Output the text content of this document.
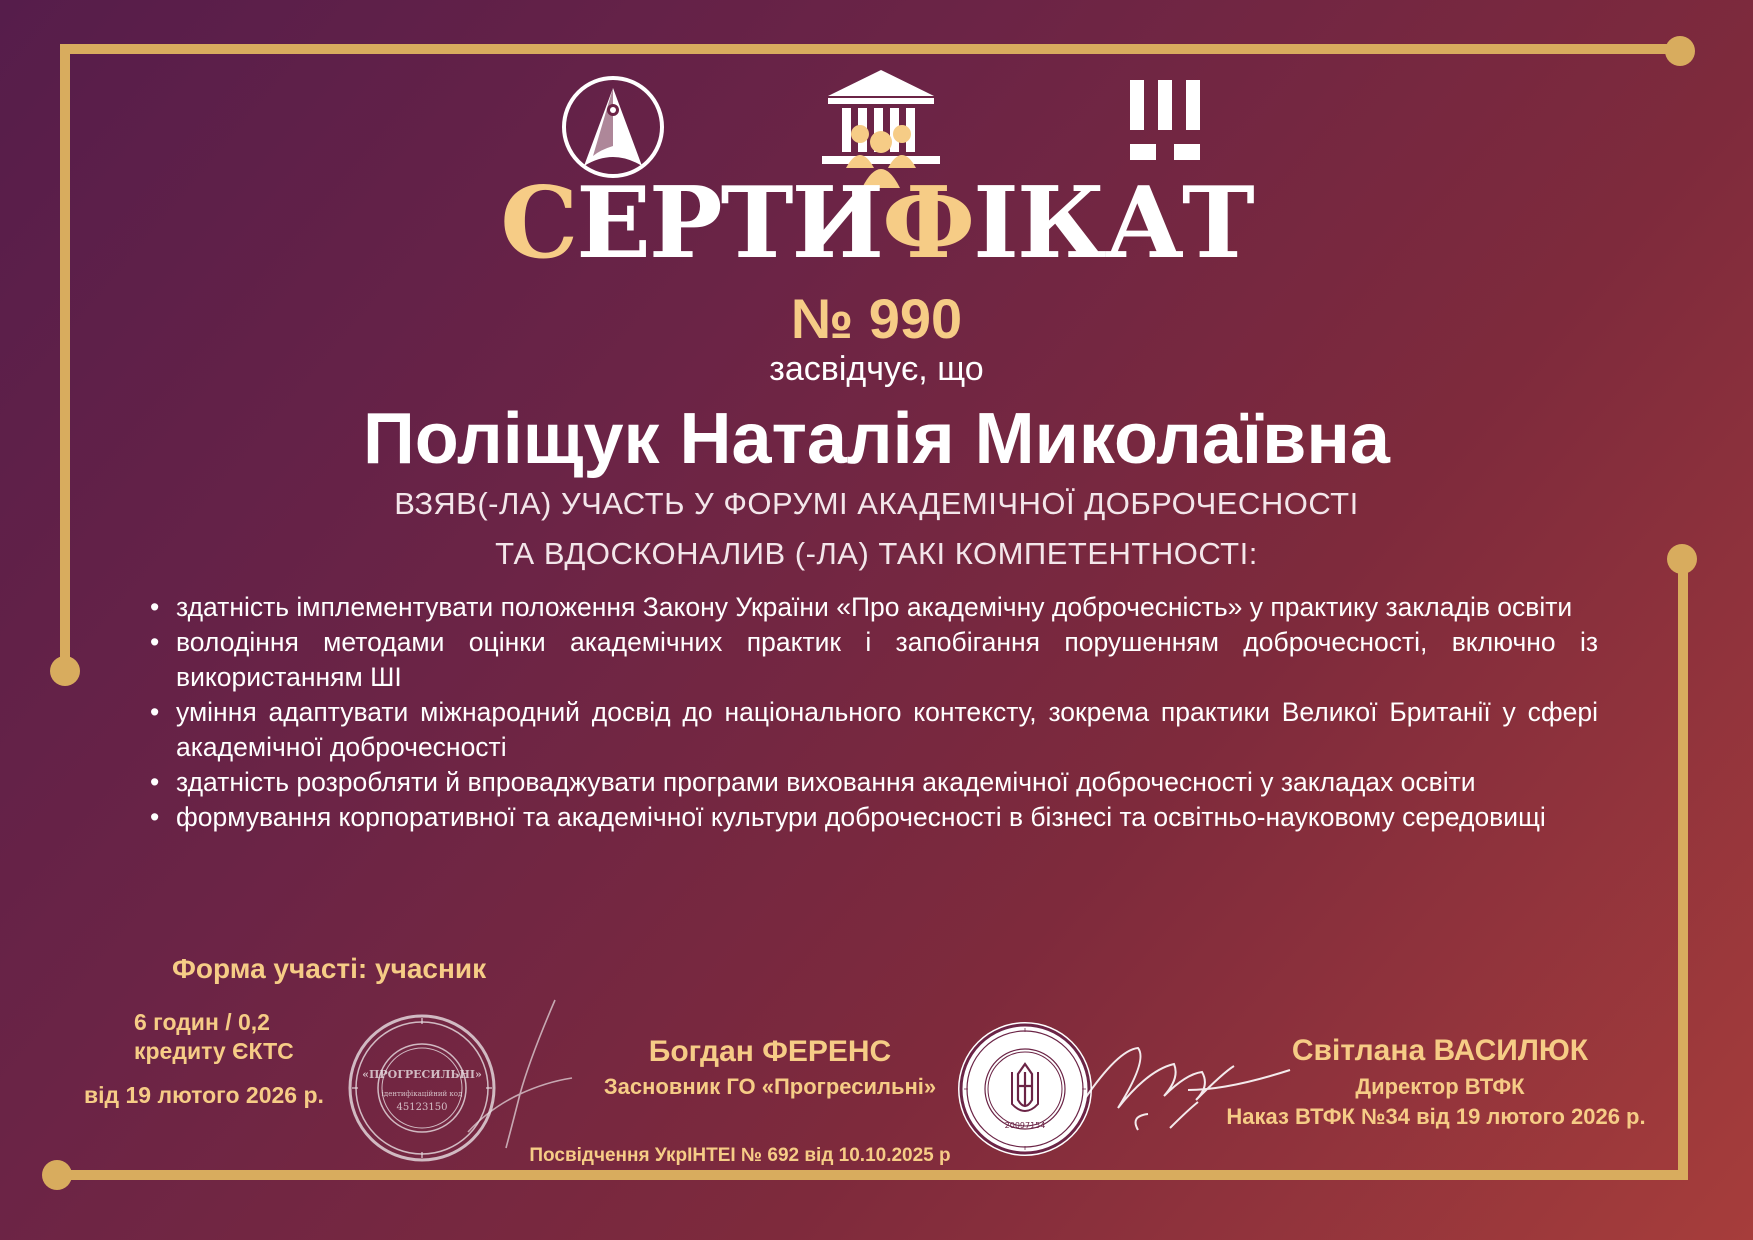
СЕРТИФІКАТ

№ 990

засвідчує, що

Поліщук Наталія Миколаївна

ВЗЯВ(-ЛА) УЧАСТЬ У ФОРУМІ АКАДЕМІЧНОЇ ДОБРОЧЕСНОСТІ

ТА ВДОСКОНАЛИВ (-ЛА) ТАКІ КОМПЕТЕНТНОСТІ:

• здатність імплементувати положення Закону України «Про академічну доброчесність» у практику закладів освіти
• володіння методами оцінки академічних практик і запобігання порушенням доброчесності, включно із використанням ШІ
• уміння адаптувати міжнародний досвід до національного контексту, зокрема практики Великої Британії у сфері академічної доброчесності
• здатність розробляти й впроваджувати програми виховання академічної доброчесності у закладах освіти
• формування корпоративної та академічної культури доброчесності в бізнесі та освітньо-науковому середовищі

Форма участі: учасник

6 годин / 0,2
кредиту ЄКТС

від 19 лютого 2026 р.

«ПРОГРЕСИЛЬНІ»
ідентифікаційний код
45123150

Богдан ФЕРЕНС

Засновник ГО «Прогресильні»

20097154

Світлана ВАСИЛЮК

Директор ВТФК

Наказ ВТФК №34 від 19 лютого 2026 р.

Посвідчення УкрІНТЕІ № 692 від 10.10.2025 р
